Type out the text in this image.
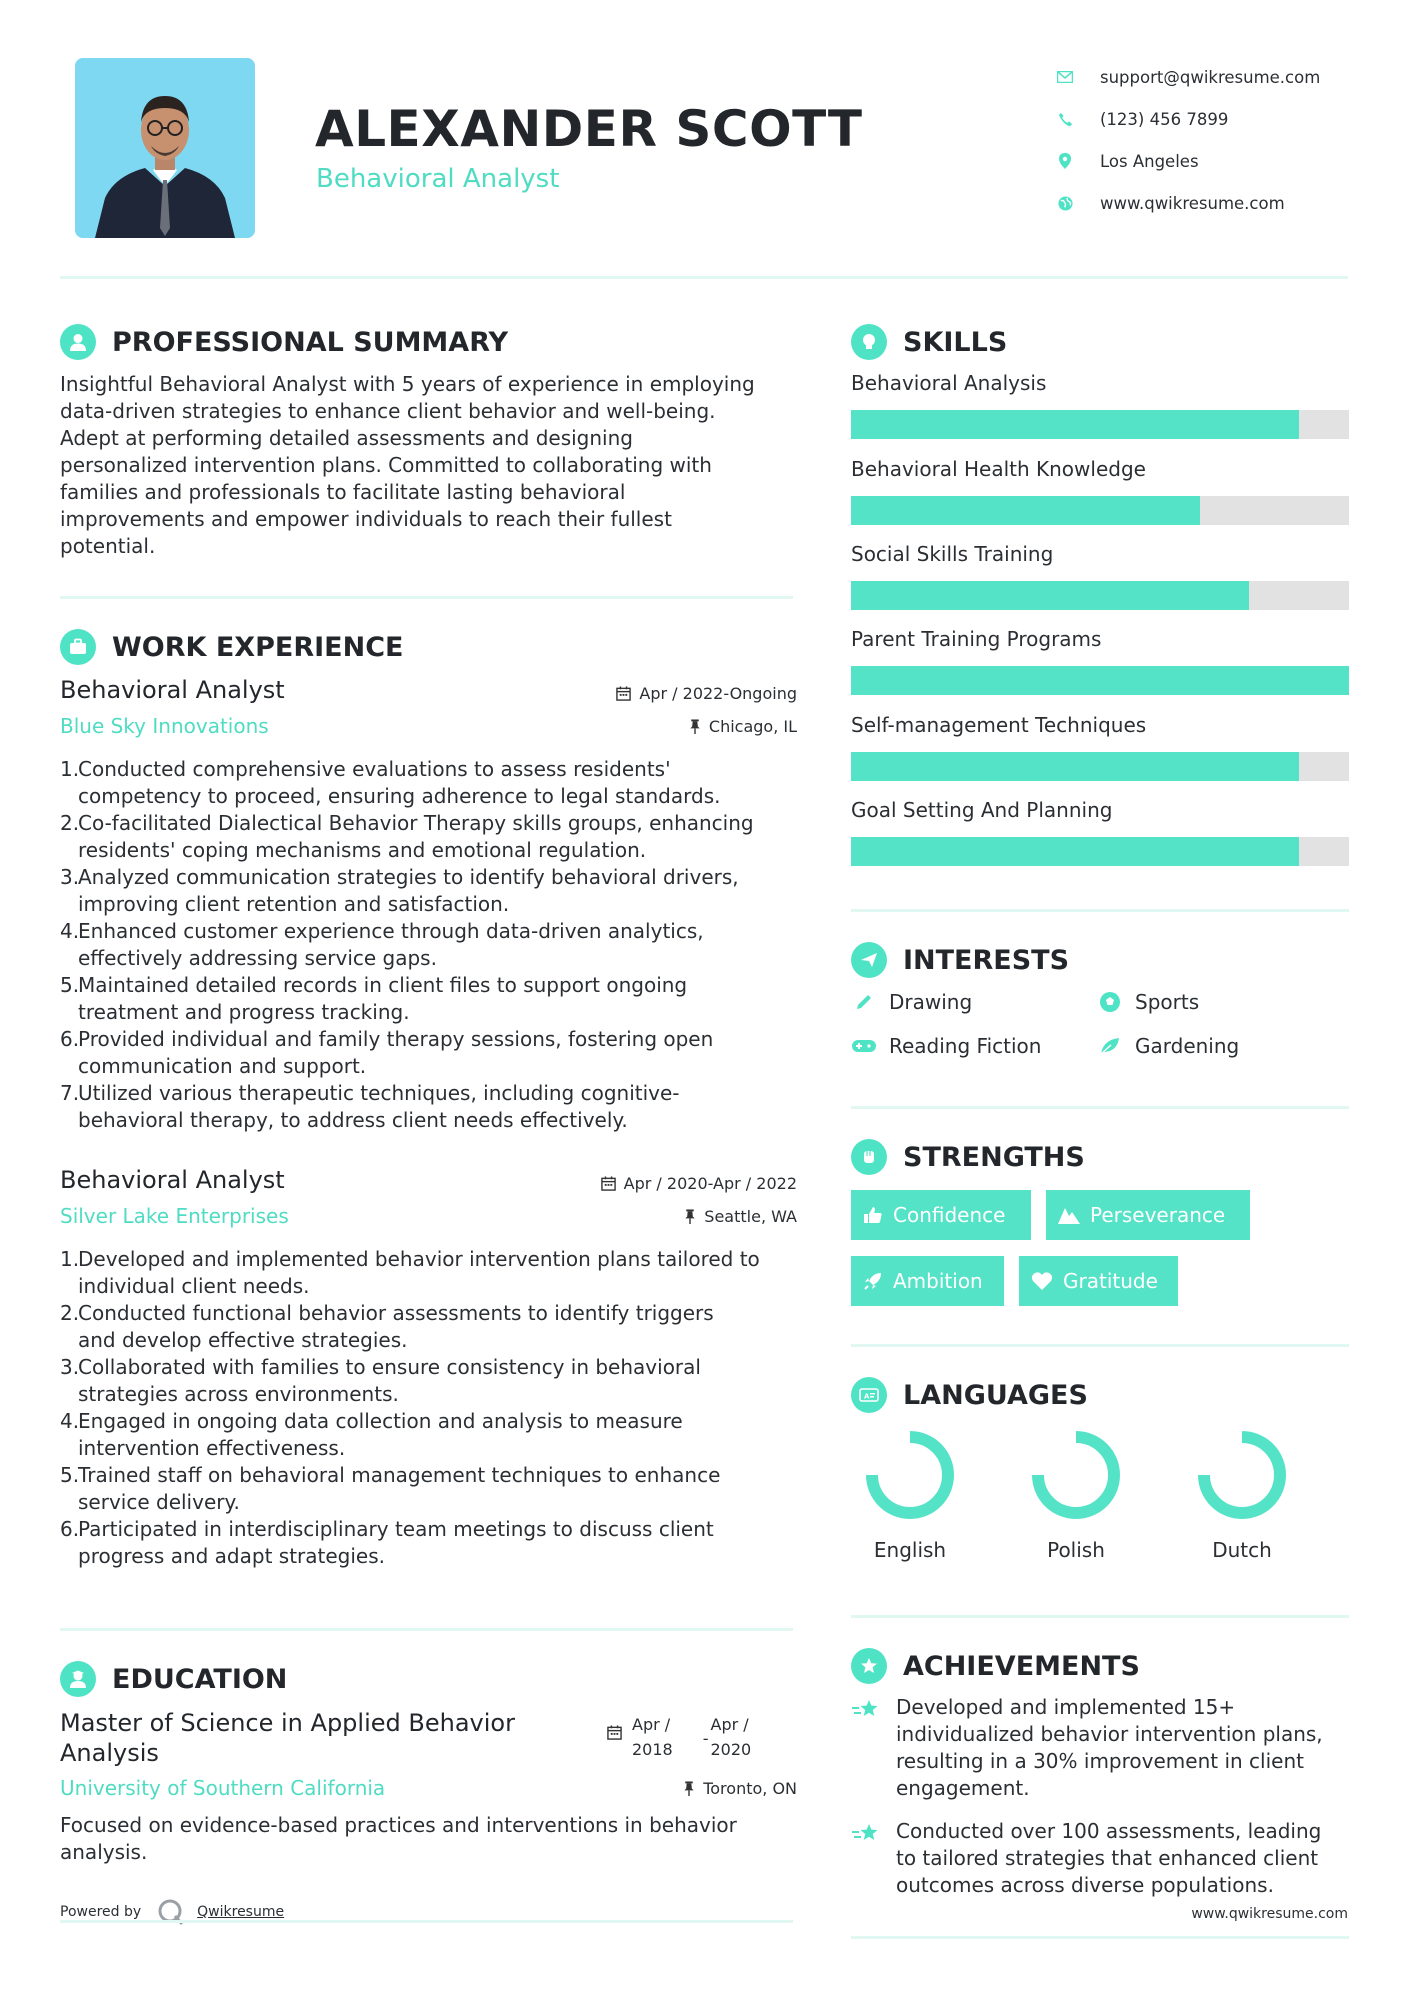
ALEXANDER SCOTT
Behavioral Analyst
support@qwikresume.com
(123) 456 7899
Los Angeles
www.qwikresume.com
PROFESSIONAL SUMMARY
Insightful Behavioral Analyst with 5 years of experience in employing
data-driven strategies to enhance client behavior and well-being.
Adept at performing detailed assessments and designing
personalized intervention plans. Committed to collaborating with
families and professionals to facilitate lasting behavioral
improvements and empower individuals to reach their fullest
potential.
WORK EXPERIENCE
Behavioral Analyst	Apr / 2022-Ongoing
Blue Sky Innovations	Chicago, IL
1.
Conducted comprehensive evaluations to assess residents'
competency to proceed, ensuring adherence to legal standards.
2.
Co-facilitated Dialectical Behavior Therapy skills groups, enhancing
residents' coping mechanisms and emotional regulation.
3.
Analyzed communication strategies to identify behavioral drivers,
improving client retention and satisfaction.
4.
Enhanced customer experience through data-driven analytics,
effectively addressing service gaps.
5.
Maintained detailed records in client files to support ongoing
treatment and progress tracking.
6.
Provided individual and family therapy sessions, fostering open
communication and support.
7.
Utilized various therapeutic techniques, including cognitive-
behavioral therapy, to address client needs effectively.
Behavioral Analyst	Apr / 2020-Apr / 2022
Silver Lake Enterprises	Seattle, WA
1.
Developed and implemented behavior intervention plans tailored to
individual client needs.
2.
Conducted functional behavior assessments to identify triggers
and develop effective strategies.
3.
Collaborated with families to ensure consistency in behavioral
strategies across environments.
4.
Engaged in ongoing data collection and analysis to measure
intervention effectiveness.
5.
Trained staff on behavioral management techniques to enhance
service delivery.
6.
Participated in interdisciplinary team meetings to discuss client
progress and adapt strategies.
EDUCATION
Master of Science in Applied Behavior
Analysis
Apr /
2018
-
Apr /
2020
University of Southern California	Toronto, ON
Focused on evidence-based practices and interventions in behavior
analysis.
Powered by	Qwikresume
SKILLS
Behavioral Analysis
Behavioral Health Knowledge
Social Skills Training
Parent Training Programs
Self-management Techniques
Goal Setting And Planning
INTERESTS
Drawing	Sports
Reading Fiction	Gardening
STRENGTHS
Confidence	Perseverance
Ambition	Gratitude
A LANGUAGES
English	Polish	Dutch
ACHIEVEMENTS
Developed and implemented 15+
individualized behavior intervention plans,
resulting in a 30% improvement in client
engagement.
Conducted over 100 assessments, leading
to tailored strategies that enhanced client
outcomes across diverse populations.
www.qwikresume.com
